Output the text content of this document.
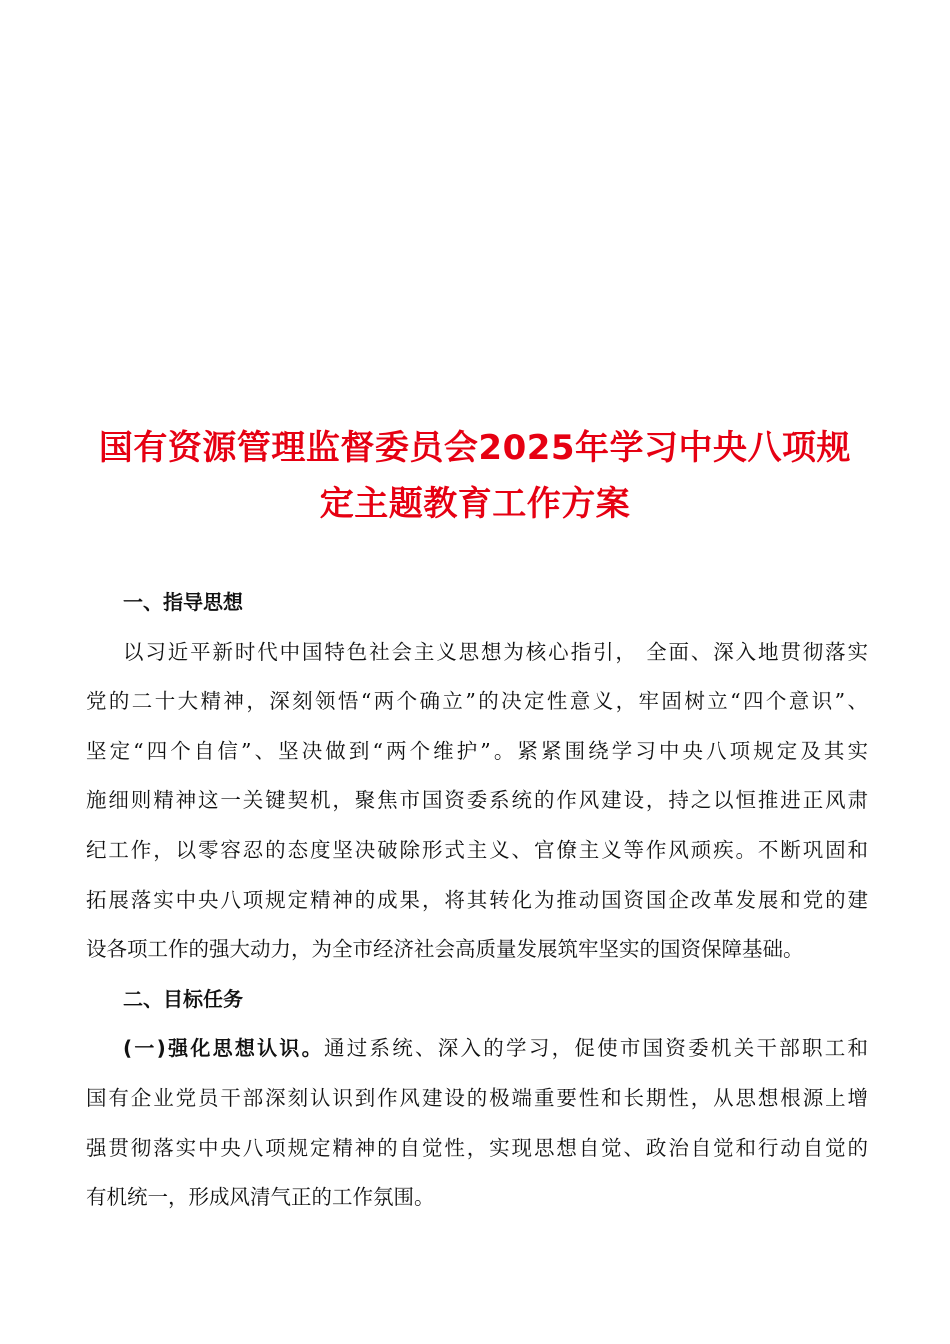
国有资源管理监督委员会2025年学习中央八项规
定主题教育工作方案
一、指导思想
以习近平新时代中国特色社会主义思想为核心指引， 全面、深入地贯彻落实
党的二十大精神，深刻领悟“两个确立”的决定性意义，牢固树立“四个意识”、
坚定“四个自信”、坚决做到“两个维护”。紧紧围绕学习中央八项规定及其实
施细则精神这一关键契机，聚焦市国资委系统的作风建设，持之以恒推进正风肃
纪工作，以零容忍的态度坚决破除形式主义、官僚主义等作风顽疾。不断巩固和
拓展落实中央八项规定精神的成果，将其转化为推动国资国企改革发展和党的建
设各项工作的强大动力，为全市经济社会高质量发展筑牢坚实的国资保障基础。
二、目标任务
(一)强化思想认识。通过系统、深入的学习，促使市国资委机关干部职工和
国有企业党员干部深刻认识到作风建设的极端重要性和长期性，从思想根源上增
强贯彻落实中央八项规定精神的自觉性，实现思想自觉、政治自觉和行动自觉的
有机统一，形成风清气正的工作氛围。
